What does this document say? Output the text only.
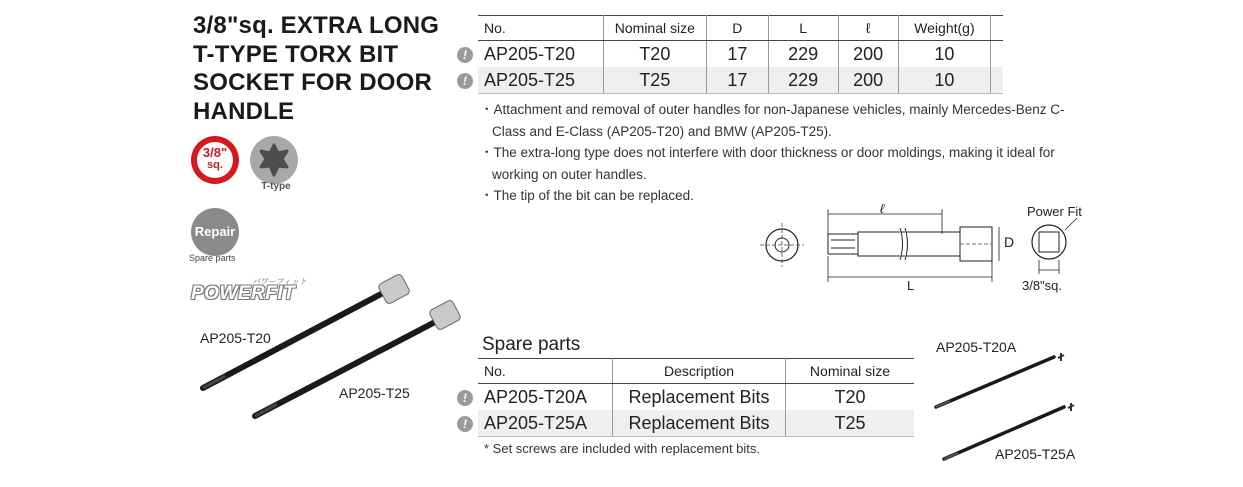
3/8"sq. EXTRA LONG
T-TYPE TORX BIT
SOCKET FOR DOOR
HANDLE
3/8"
sq.
T-type
Repair
Spare parts
パワーフィット
POWERFIT
AP205-T20
AP205-T25
!
!
No.	Nominal size	D	L	ℓ	Weight(g)	
AP205-T20	T20	17	229	200	10	
AP205-T25	T25	17	229	200	10	
・Attachment and removal of outer handles for non-Japanese vehicles, mainly Mercedes-Benz C-Class and E-Class (AP205-T20) and BMW (AP205-T25).
・The extra-long type does not interfere with door thickness or door moldings, making it ideal for working on outer handles.
・The tip of the bit can be replaced.
ℓ
D
L
Power Fit
3/8"sq.
Spare parts
!
!
No.	Description	Nominal size
AP205-T20A	Replacement Bits	T20
AP205-T25A	Replacement Bits	T25
* Set screws are included with replacement bits.
AP205-T20A
AP205-T25A
